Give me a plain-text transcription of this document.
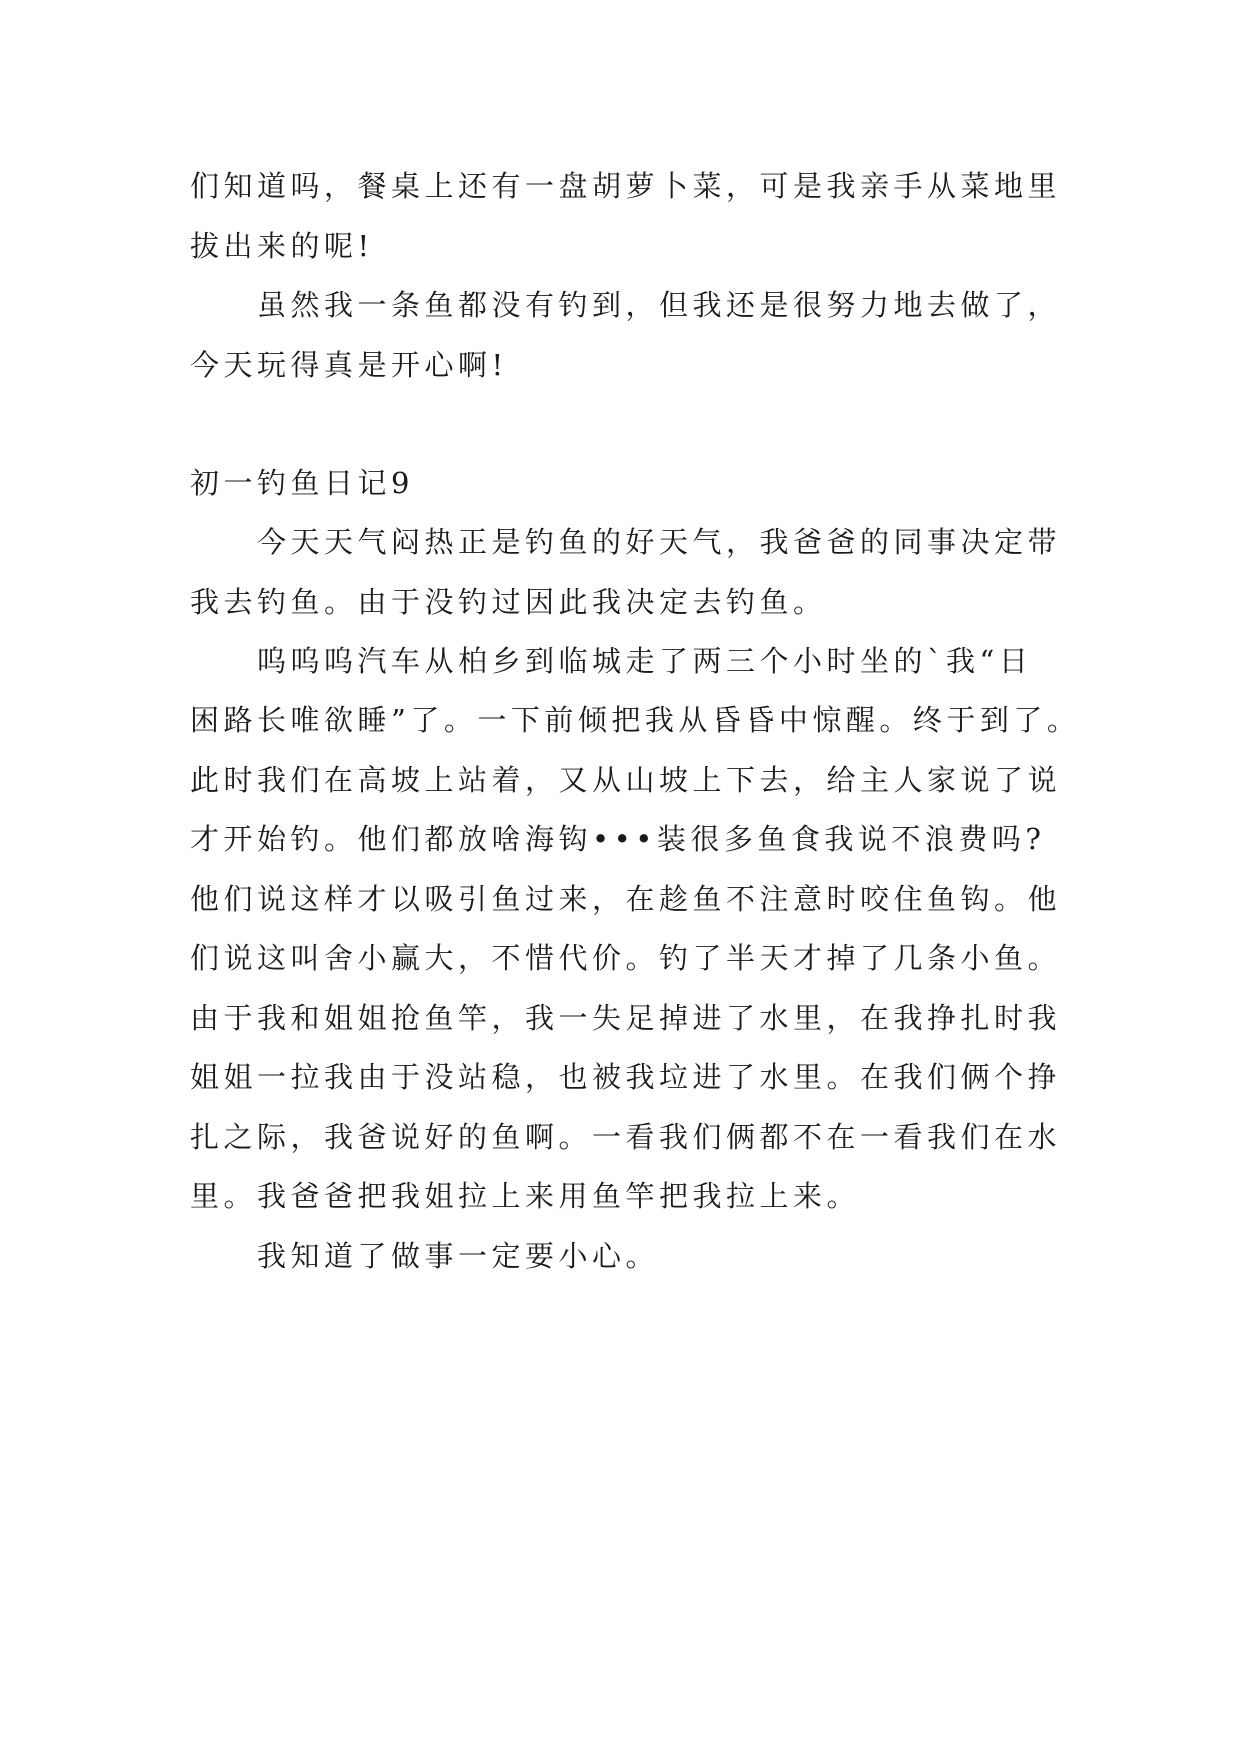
们知道吗，餐桌上还有一盘胡萝卜菜，可是我亲手从菜地里
拔出来的呢!
虽然我一条鱼都没有钓到，但我还是很努力地去做了，
今天玩得真是开心啊!
初一钓鱼日记9
今天天气闷热正是钓鱼的好天气，我爸爸的同事决定带
我去钓鱼。由于没钓过因此我决定去钓鱼。
呜呜呜汽车从柏乡到临城走了两三个小时坐的`我“日
困路长唯欲睡”了。一下前倾把我从昏昏中惊醒。终于到了。
此时我们在高坡上站着，又从山坡上下去，给主人家说了说
才开始钓。他们都放啥海钩•••装很多鱼食我说不浪费吗?
他们说这样才以吸引鱼过来，在趁鱼不注意时咬住鱼钩。他
们说这叫舍小赢大，不惜代价。钓了半天才掉了几条小鱼。
由于我和姐姐抢鱼竿，我一失足掉进了水里，在我挣扎时我
姐姐一拉我由于没站稳，也被我垃进了水里。在我们俩个挣
扎之际，我爸说好的鱼啊。一看我们俩都不在一看我们在水
里。我爸爸把我姐拉上来用鱼竿把我拉上来。
我知道了做事一定要小心。
